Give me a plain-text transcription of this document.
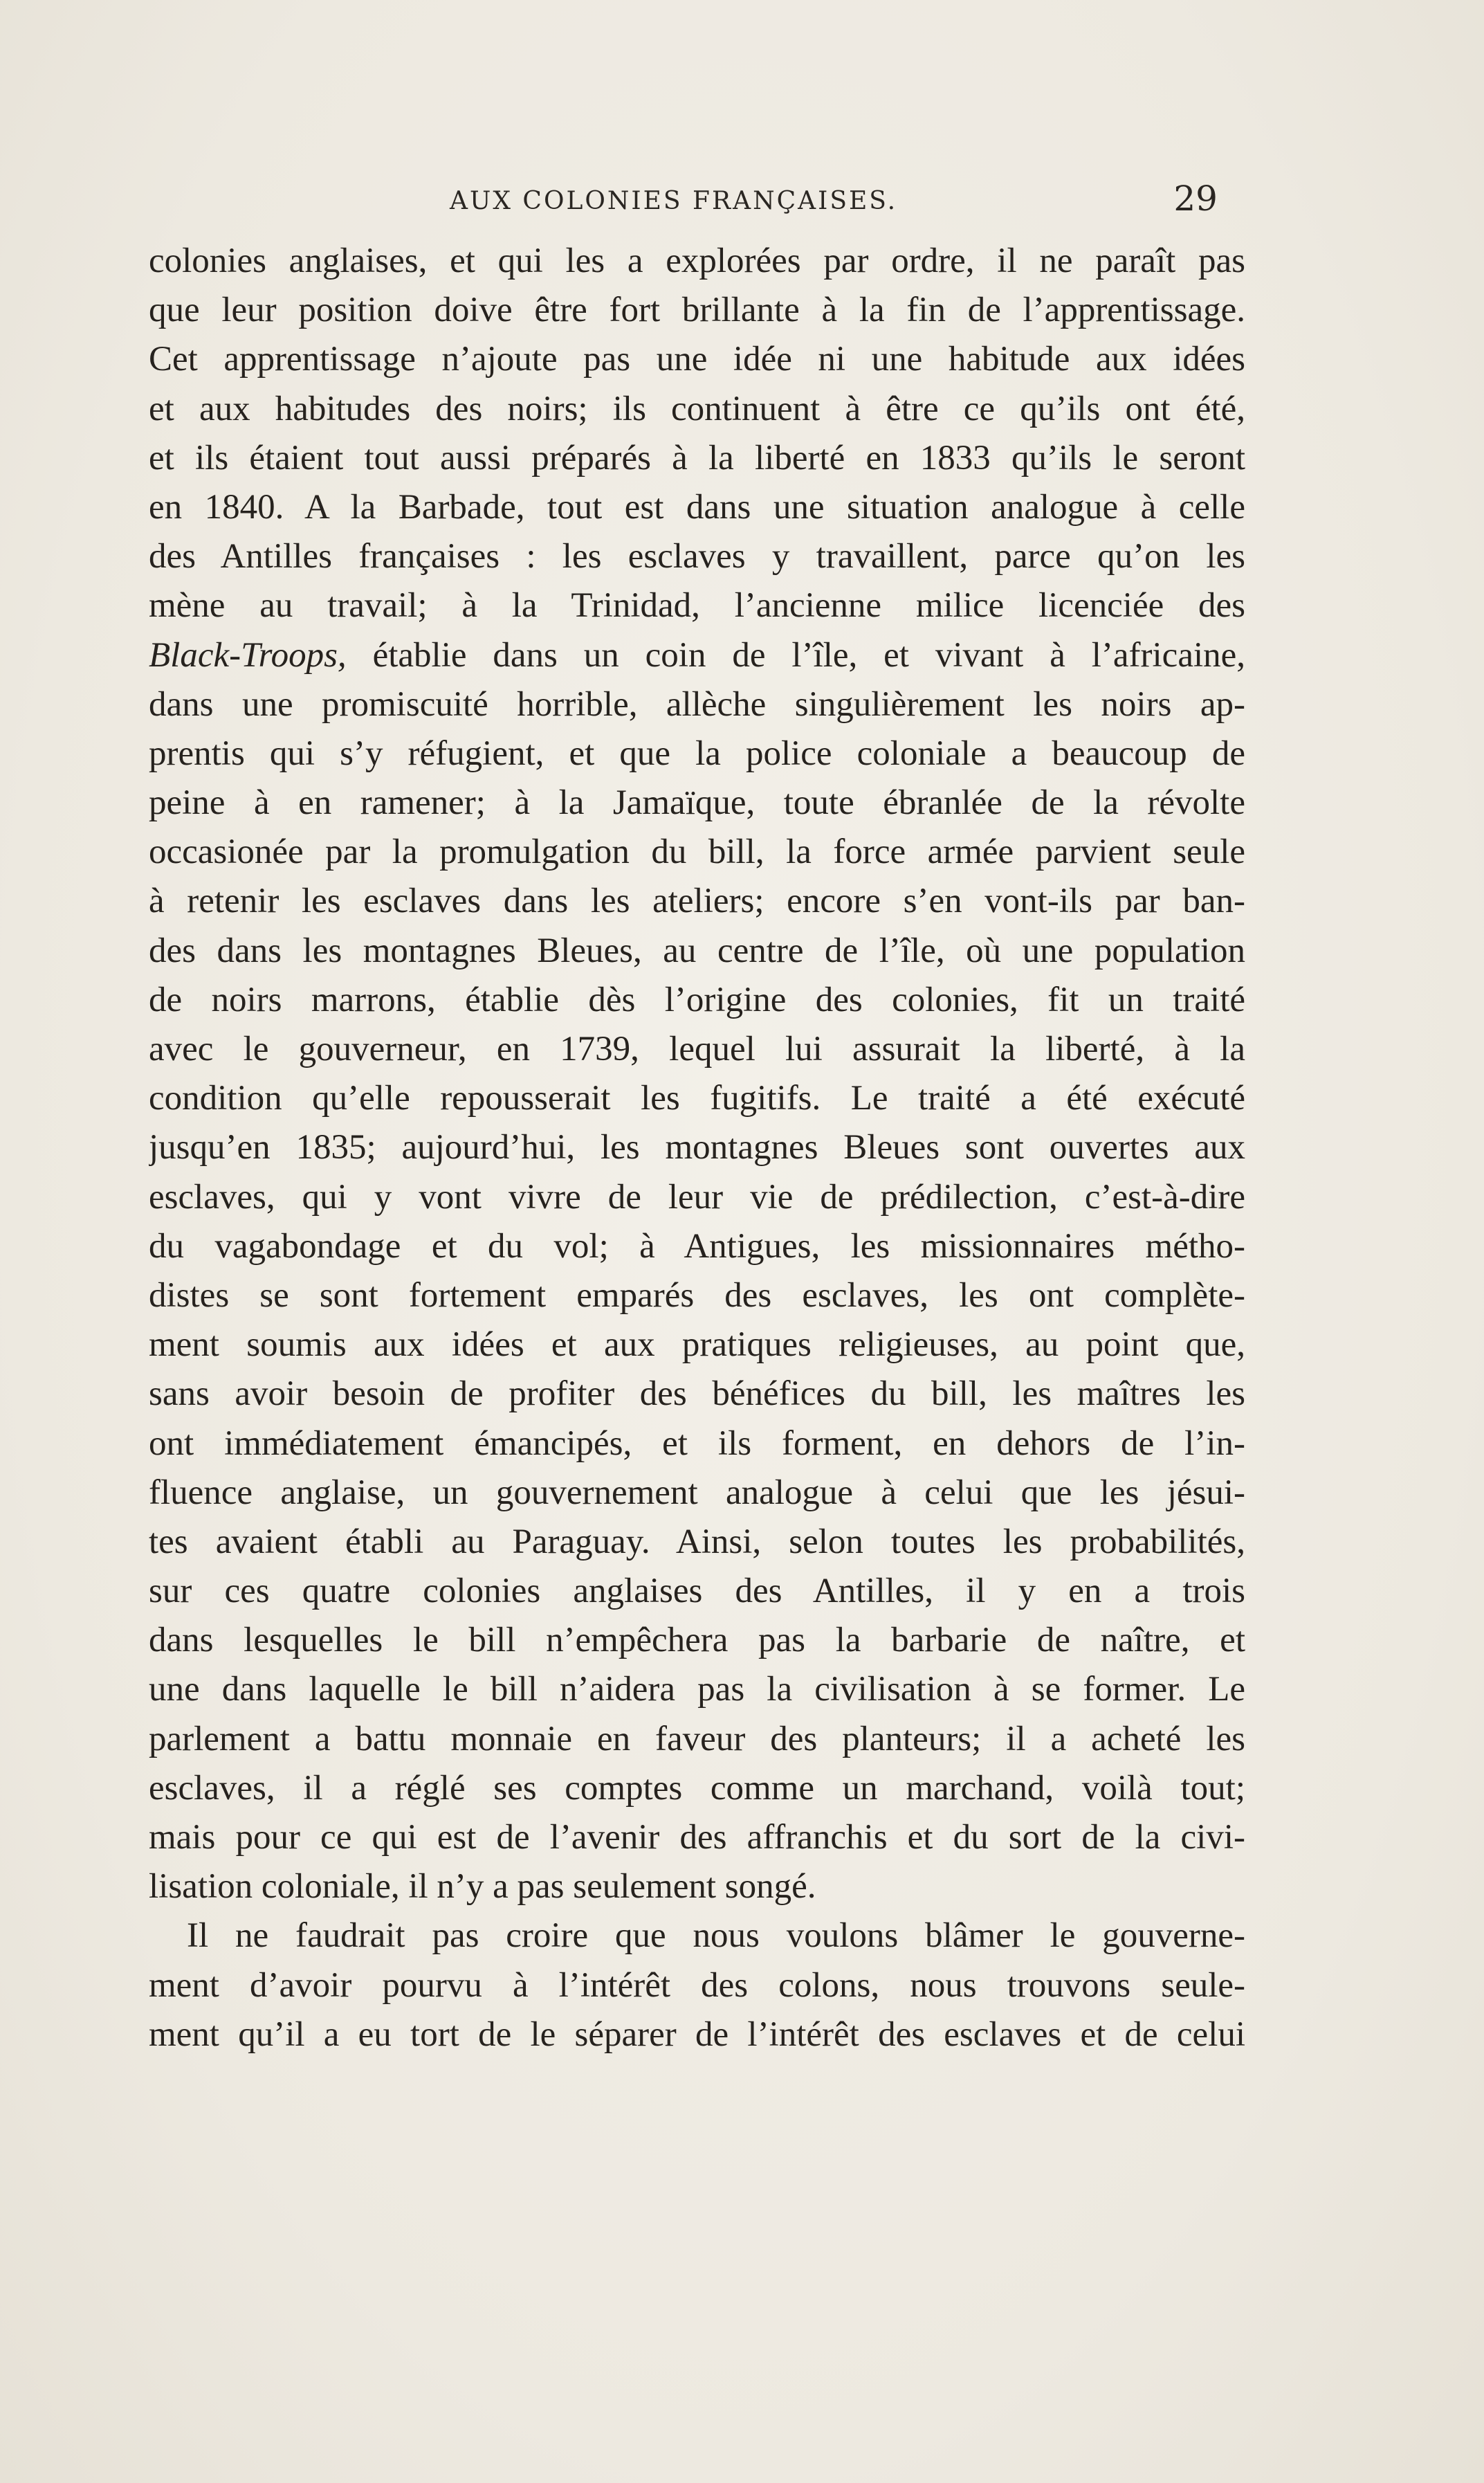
AUX COLONIES FRANÇAISES.	29
colonies anglaises, et qui les a explorées par ordre, il ne paraît pas
que leur position doive être fort brillante à la fin de l’apprentissage.
Cet apprentissage n’ajoute pas une idée ni une habitude aux idées
et aux habitudes des noirs; ils continuent à être ce qu’ils ont été,
et ils étaient tout aussi préparés à la liberté en 1833 qu’ils le seront
en 1840. A la Barbade, tout est dans une situation analogue à celle
des Antilles françaises : les esclaves y travaillent, parce qu’on les
mène au travail; à la Trinidad, l’ancienne milice licenciée des
Black-Troops, établie dans un coin de l’île, et vivant à l’africaine,
dans une promiscuité horrible, allèche singulièrement les noirs ap-
prentis qui s’y réfugient, et que la police coloniale a beaucoup de
peine à en ramener; à la Jamaïque, toute ébranlée de la révolte
occasionée par la promulgation du bill, la force armée parvient seule
à retenir les esclaves dans les ateliers; encore s’en vont-ils par ban-
des dans les montagnes Bleues, au centre de l’île, où une population
de noirs marrons, établie dès l’origine des colonies, fit un traité
avec le gouverneur, en 1739, lequel lui assurait la liberté, à la
condition qu’elle repousserait les fugitifs. Le traité a été exécuté
jusqu’en 1835; aujourd’hui, les montagnes Bleues sont ouvertes aux
esclaves, qui y vont vivre de leur vie de prédilection, c’est-à-dire
du vagabondage et du vol; à Antigues, les missionnaires métho-
distes se sont fortement emparés des esclaves, les ont complète-
ment soumis aux idées et aux pratiques religieuses, au point que,
sans avoir besoin de profiter des bénéfices du bill, les maîtres les
ont immédiatement émancipés, et ils forment, en dehors de l’in-
fluence anglaise, un gouvernement analogue à celui que les jésui-
tes avaient établi au Paraguay. Ainsi, selon toutes les probabilités,
sur ces quatre colonies anglaises des Antilles, il y en a trois
dans lesquelles le bill n’empêchera pas la barbarie de naître, et
une dans laquelle le bill n’aidera pas la civilisation à se former. Le
parlement a battu monnaie en faveur des planteurs; il a acheté les
esclaves, il a réglé ses comptes comme un marchand, voilà tout;
mais pour ce qui est de l’avenir des affranchis et du sort de la civi-
lisation coloniale, il n’y a pas seulement songé.
Il ne faudrait pas croire que nous voulons blâmer le gouverne-
ment d’avoir pourvu à l’intérêt des colons, nous trouvons seule-
ment qu’il a eu tort de le séparer de l’intérêt des esclaves et de celui
